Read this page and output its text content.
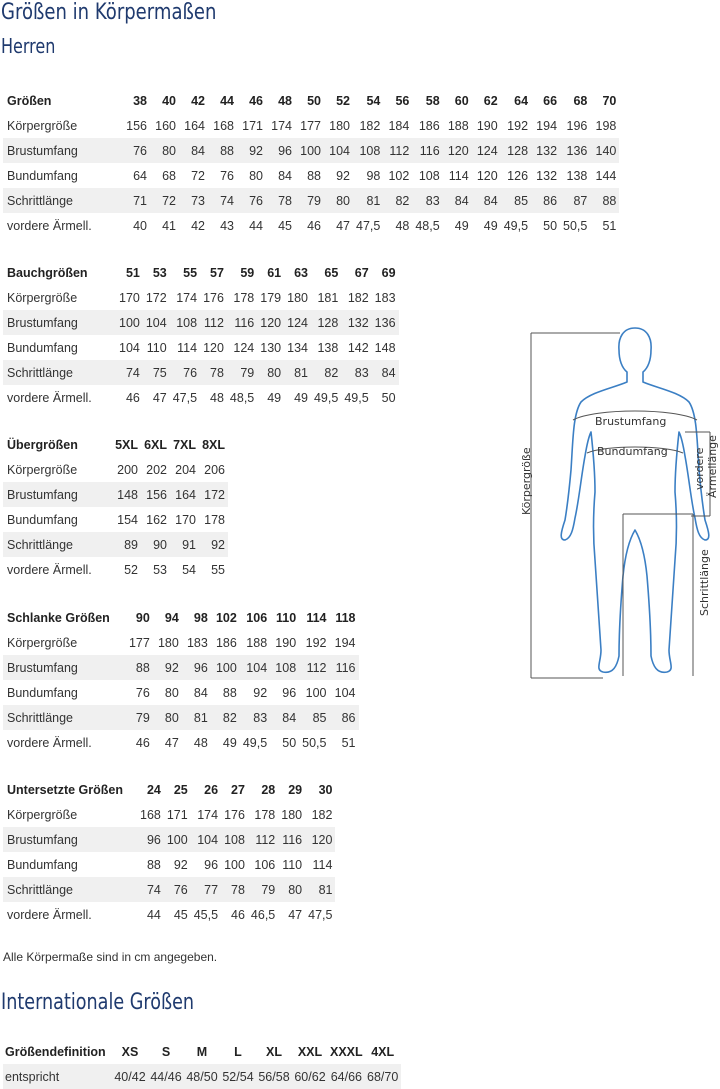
Größen in Körpermaßen
Herren
Größen	38	40	42	44	46	48	50	52	54	56	58	60	62	64	66	68	70
Körpergröße	156	160	164	168	171	174	177	180	182	184	186	188	190	192	194	196	198
Brustumfang	76	80	84	88	92	96	100	104	108	112	116	120	124	128	132	136	140
Bundumfang	64	68	72	76	80	84	88	92	98	102	108	114	120	126	132	138	144
Schrittlänge	71	72	73	74	76	78	79	80	81	82	83	84	84	85	86	87	88
vordere Ärmell.	40	41	42	43	44	45	46	47	47,5	48	48,5	49	49	49,5	50	50,5	51
Bauchgrößen	51	53	55	57	59	61	63	65	67	69
Körpergröße	170	172	174	176	178	179	180	181	182	183
Brustumfang	100	104	108	112	116	120	124	128	132	136
Bundumfang	104	110	114	120	124	130	134	138	142	148
Schrittlänge	74	75	76	78	79	80	81	82	83	84
vordere Ärmell.	46	47	47,5	48	48,5	49	49	49,5	49,5	50
Übergrößen	5XL	6XL	7XL	8XL
Körpergröße	200	202	204	206
Brustumfang	148	156	164	172
Bundumfang	154	162	170	178
Schrittlänge	89	90	91	92
vordere Ärmell.	52	53	54	55
Schlanke Größen	90	94	98	102	106	110	114	118
Körpergröße	177	180	183	186	188	190	192	194
Brustumfang	88	92	96	100	104	108	112	116
Bundumfang	76	80	84	88	92	96	100	104
Schrittlänge	79	80	81	82	83	84	85	86
vordere Ärmell.	46	47	48	49	49,5	50	50,5	51
Untersetzte Größen	24	25	26	27	28	29	30
Körpergröße	168	171	174	176	178	180	182
Brustumfang	96	100	104	108	112	116	120
Bundumfang	88	92	96	100	106	110	114
Schrittlänge	74	76	77	78	79	80	81
vordere Ärmell.	44	45	45,5	46	46,5	47	47,5

Alle Körpermaße sind in cm angegeben.

Internationale Größen
Größendefinition	XS	S	M	L	XL	XXL	XXXL	4XL
entspricht	40/42	44/46	48/50	52/54	56/58	60/62	64/66	68/70
Brustumfang
Bundumfang
Körpergröße	vordere Ärmellänge
Schrittlänge
